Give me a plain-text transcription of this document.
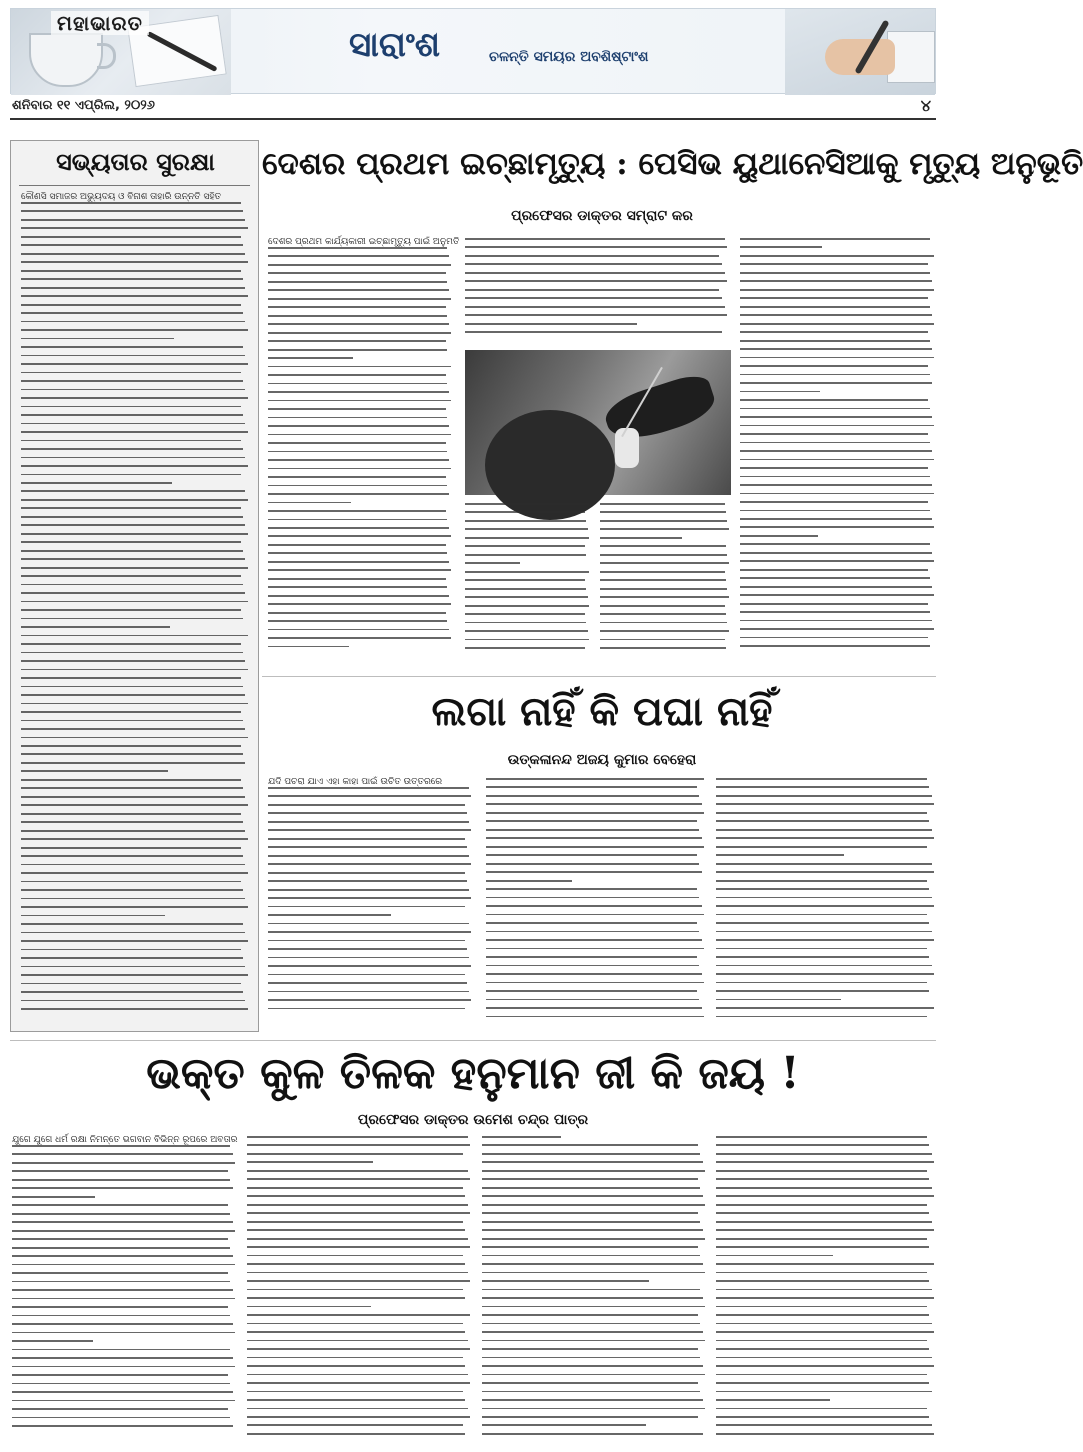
ମହାଭାରତ
ସାରାଂଶ	ଚଳନ୍ତି ସମୟର ଅବଶିଷ୍ଟାଂଶ
ଶନିବାର ୧୧ ଏପ୍ରିଲ, ୨୦୨୬	୪
ସଭ୍ୟତାର ସୁରକ୍ଷା
କୌଣସି ସମାଜର ଅଭ୍ୟୁଦୟ ଓ ବିନାଶ ତାହାରି ଉନ୍ନତି ସହିତ
ଦେଶର ପ୍ରଥମ ଇଚ୍ଛାମୃତ୍ୟୁ : ପେସିଭ ୟୁଥାନେସିଆକୁ ମୃତ୍ୟୁ ଅନୁଭୂତି
ପ୍ରଫେସର ଡାକ୍ତର ସମ୍ରାଟ କର
ଦେଶର ପ୍ରଥମ କାର୍ଯ୍ୟକାରୀ ଇଚ୍ଛାମୃତ୍ୟୁ ପାଇଁ ଅନୁମତି
ଲଗା ନାହିଁ କି ପଘା ନାହିଁ
ଉତ୍କଳାନନ୍ଦ ଅଜୟ କୁମାର ବେହେରା
ଯଦି ପଚରା ଯାଏ ଏହା କାହା ପାଇଁ ଉଚିତ ଉତ୍ତରରେ
ଭକ୍ତ କୁଳ ତିଳକ ହନୁମାନ ଜୀ କି ଜୟ !
ପ୍ରଫେସର ଡାକ୍ତର ଉମେଶ ଚନ୍ଦ୍ର ପାତ୍ର
ଯୁଗେ ଯୁଗେ ଧର୍ମ ରକ୍ଷା ନିମନ୍ତେ ଭଗବାନ ବିଭିନ୍ନ ରୂପରେ ଅବତାର
